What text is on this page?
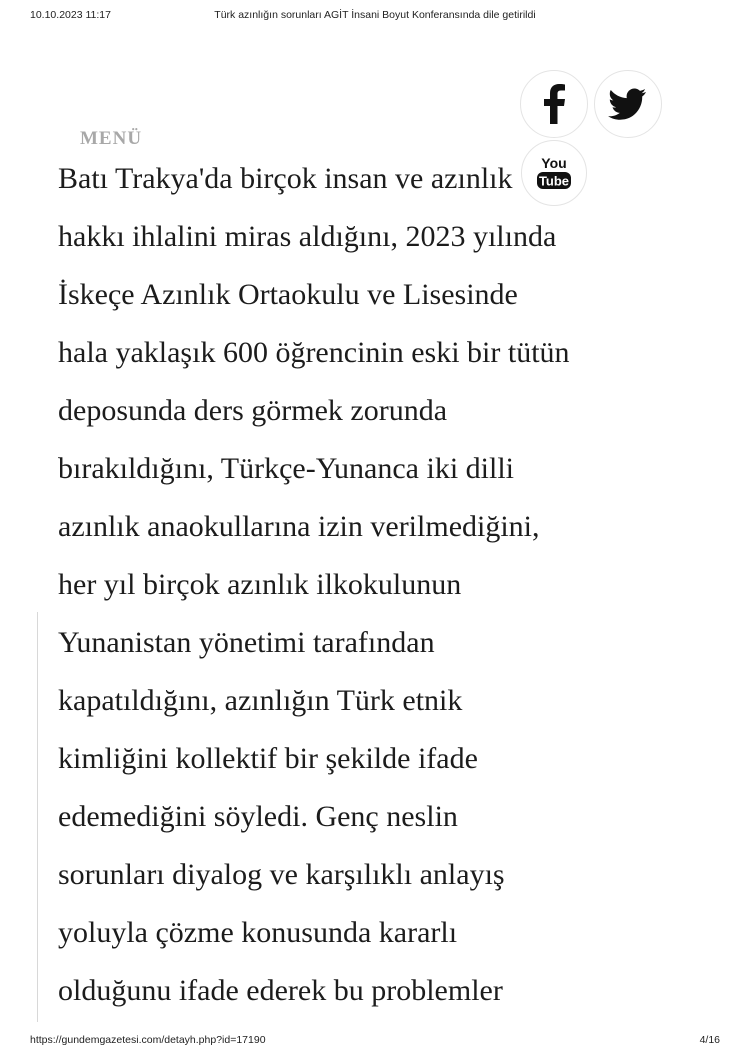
10.10.2023 11:17	Türk azınlığın sorunları AGİT İnsani Boyut Konferansında dile getirildi
Batı Trakya'da birçok insan ve azınlık
hakkı ihlalini miras aldığını, 2023 yılında
İskeçe Azınlık Ortaokulu ve Lisesinde
hala yaklaşık 600 öğrencinin eski bir tütün
deposunda ders görmek zorunda
bırakıldığını, Türkçe-Yunanca iki dilli
azınlık anaokullarına izin verilmediğini,
her yıl birçok azınlık ilkokulunun
Yunanistan yönetimi tarafından
kapatıldığını, azınlığın Türk etnik
kimliğini kollektif bir şekilde ifade
edemediğini söyledi. Genç neslin
sorunları diyalog ve karşılıklı anlayış
yoluyla çözme konusunda kararlı
olduğunu ifade ederek bu problemler
MENÜ
You
Tube
https://gundemgazetesi.com/detayh.php?id=17190	4/16
